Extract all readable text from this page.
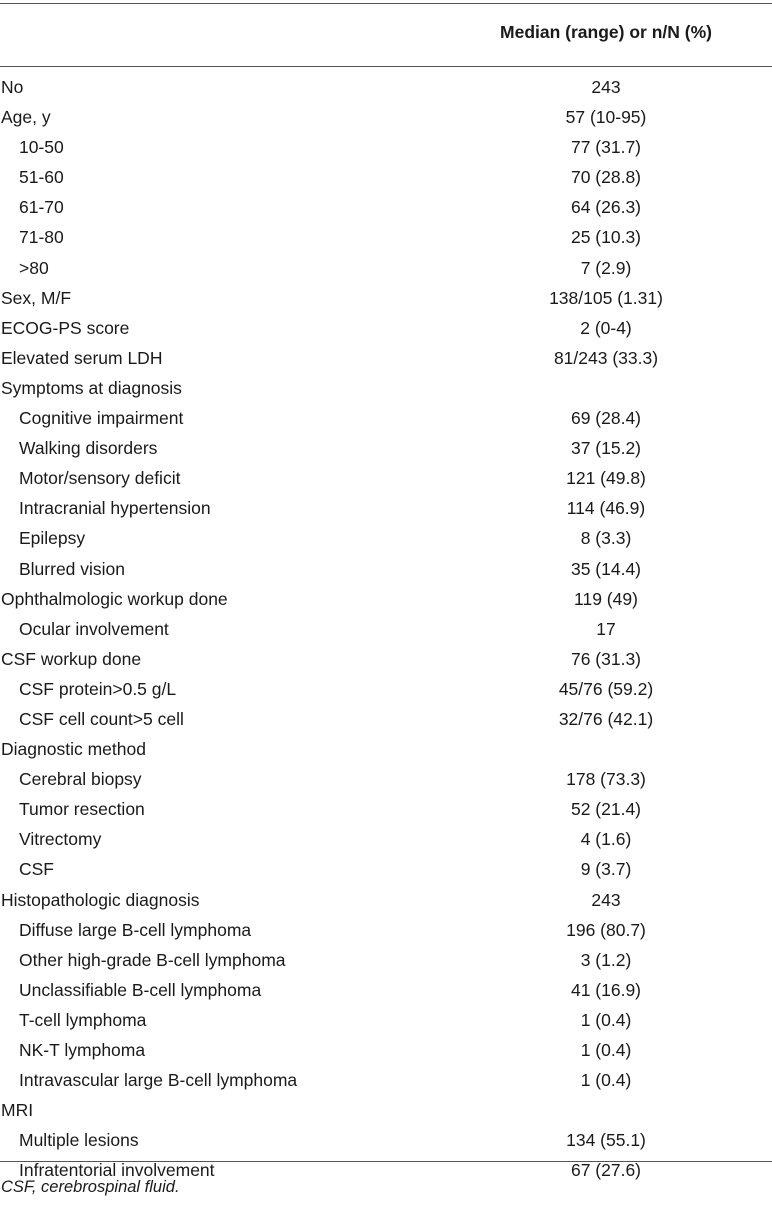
Median (range) or n/N (%)
No	243
Age, y	57 (10-95)
10-50	77 (31.7)
51-60	70 (28.8)
61-70	64 (26.3)
71-80	25 (10.3)
>80	7 (2.9)
Sex, M/F	138/105 (1.31)
ECOG-PS score	2 (0-4)
Elevated serum LDH	81/243 (33.3)
Symptoms at diagnosis
Cognitive impairment	69 (28.4)
Walking disorders	37 (15.2)
Motor/sensory deficit	121 (49.8)
Intracranial hypertension	114 (46.9)
Epilepsy	8 (3.3)
Blurred vision	35 (14.4)
Ophthalmologic workup done	119 (49)
Ocular involvement	17
CSF workup done	76 (31.3)
CSF protein>0.5 g/L	45/76 (59.2)
CSF cell count>5 cell	32/76 (42.1)
Diagnostic method
Cerebral biopsy	178 (73.3)
Tumor resection	52 (21.4)
Vitrectomy	4 (1.6)
CSF	9 (3.7)
Histopathologic diagnosis	243
Diffuse large B-cell lymphoma	196 (80.7)
Other high-grade B-cell lymphoma	3 (1.2)
Unclassifiable B-cell lymphoma	41 (16.9)
T-cell lymphoma	1 (0.4)
NK-T lymphoma	1 (0.4)
Intravascular large B-cell lymphoma	1 (0.4)
MRI
Multiple lesions	134 (55.1)
Infratentorial involvement	67 (27.6)
CSF, cerebrospinal fluid.
